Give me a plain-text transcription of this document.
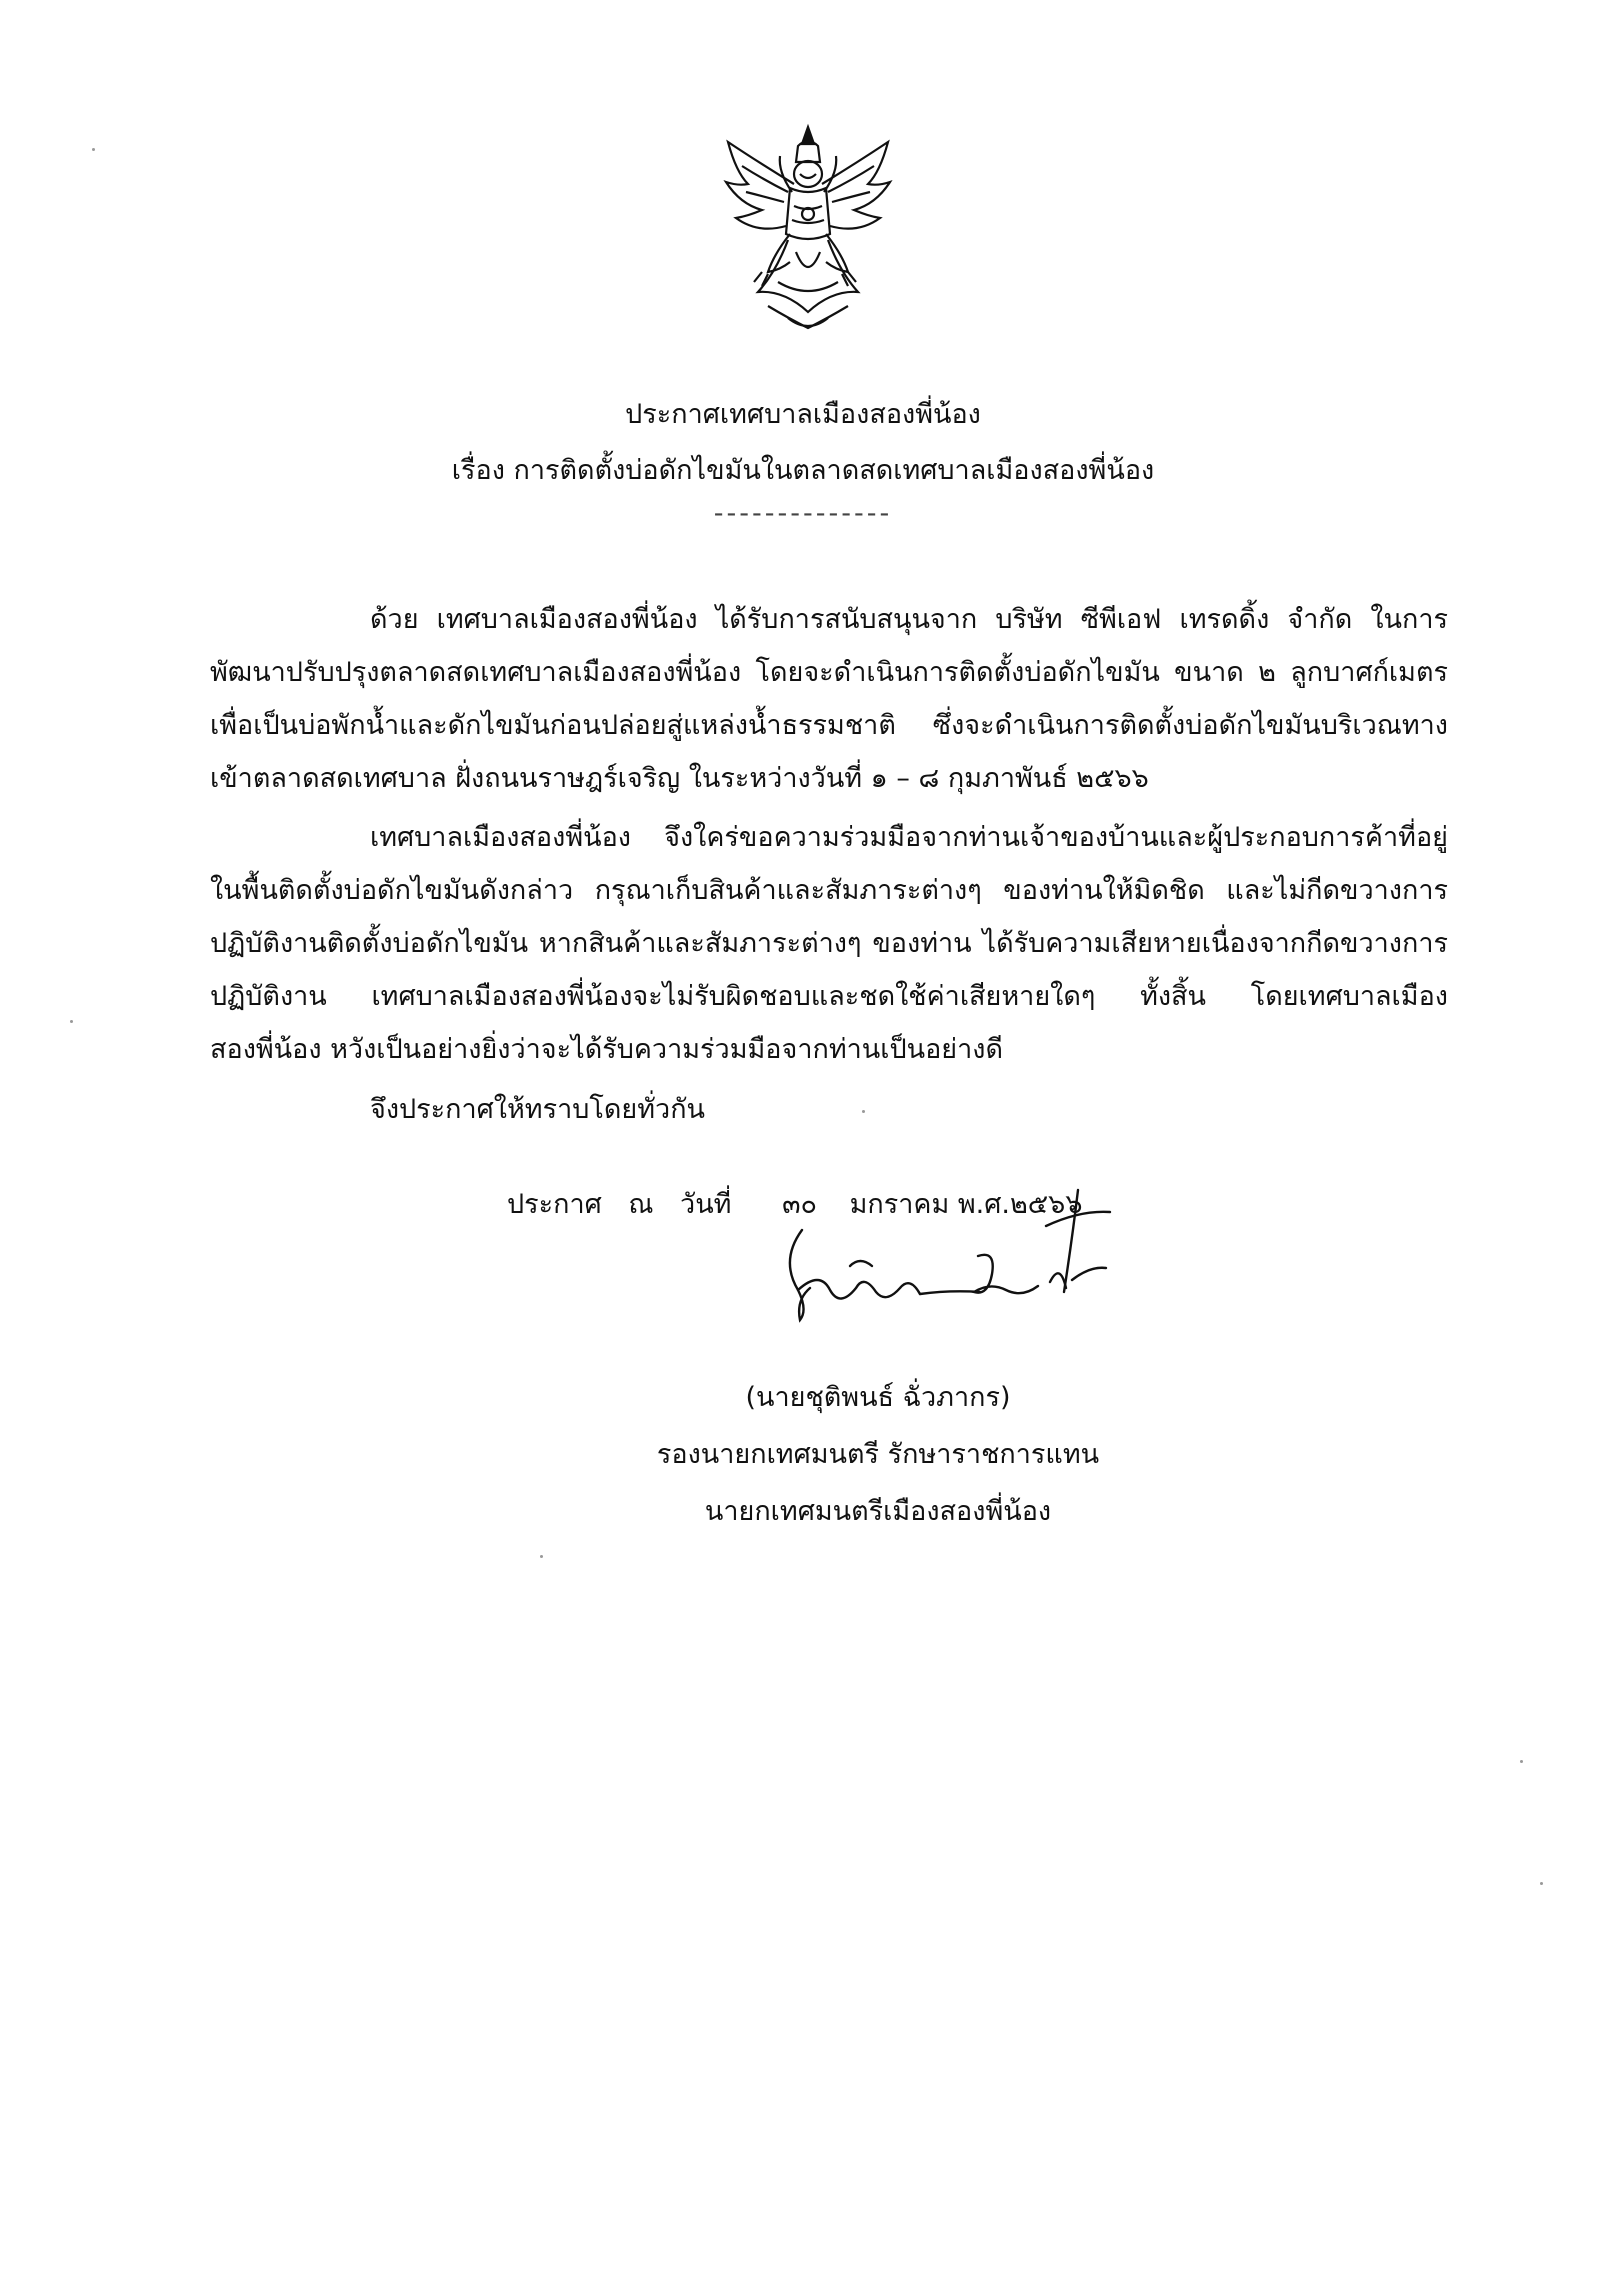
ประกาศเทศบาลเมืองสองพี่น้อง
เรื่อง การติดตั้งบ่อดักไขมันในตลาดสดเทศบาลเมืองสองพี่น้อง
--------------

ด้วย เทศบาลเมืองสองพี่น้อง ได้รับการสนับสนุนจาก บริษัท ซีพีเอฟ เทรดดิ้ง จำกัด ในการพัฒนาปรับปรุงตลาดสดเทศบาลเมืองสองพี่น้อง โดยจะดำเนินการติดตั้งบ่อดักไขมัน ขนาด ๒ ลูกบาศก์เมตร เพื่อเป็นบ่อพักน้ำและดักไขมันก่อนปล่อยสู่แหล่งน้ำธรรมชาติ ซึ่งจะดำเนินการติดตั้งบ่อดักไขมันบริเวณทางเข้าตลาดสดเทศบาล ฝั่งถนนราษฎร์เจริญ ในระหว่างวันที่ ๑ – ๘ กุมภาพันธ์ ๒๕๖๖

เทศบาลเมืองสองพี่น้อง จึงใคร่ขอความร่วมมือจากท่านเจ้าของบ้านและผู้ประกอบการค้าที่อยู่ในพื้นติดตั้งบ่อดักไขมันดังกล่าว กรุณาเก็บสินค้าและสัมภาระต่างๆ ของท่านให้มิดชิด และไม่กีดขวางการปฏิบัติงานติดตั้งบ่อดักไขมัน หากสินค้าและสัมภาระต่างๆ ของท่าน ได้รับความเสียหายเนื่องจากกีดขวางการปฏิบัติงาน เทศบาลเมืองสองพี่น้องจะไม่รับผิดชอบและชดใช้ค่าเสียหายใดๆ ทั้งสิ้น โดยเทศบาลเมืองสองพี่น้อง หวังเป็นอย่างยิ่งว่าจะได้รับความร่วมมือจากท่านเป็นอย่างดี

จึงประกาศให้ทราบโดยทั่วกัน

ประกาศ ณ วันที่ ๓๐ มกราคม พ.ศ.๒๕๖๖
(นายชุติพนธ์ ฉั่วภากร)
รองนายกเทศมนตรี รักษาราชการแทน
นายกเทศมนตรีเมืองสองพี่น้อง
